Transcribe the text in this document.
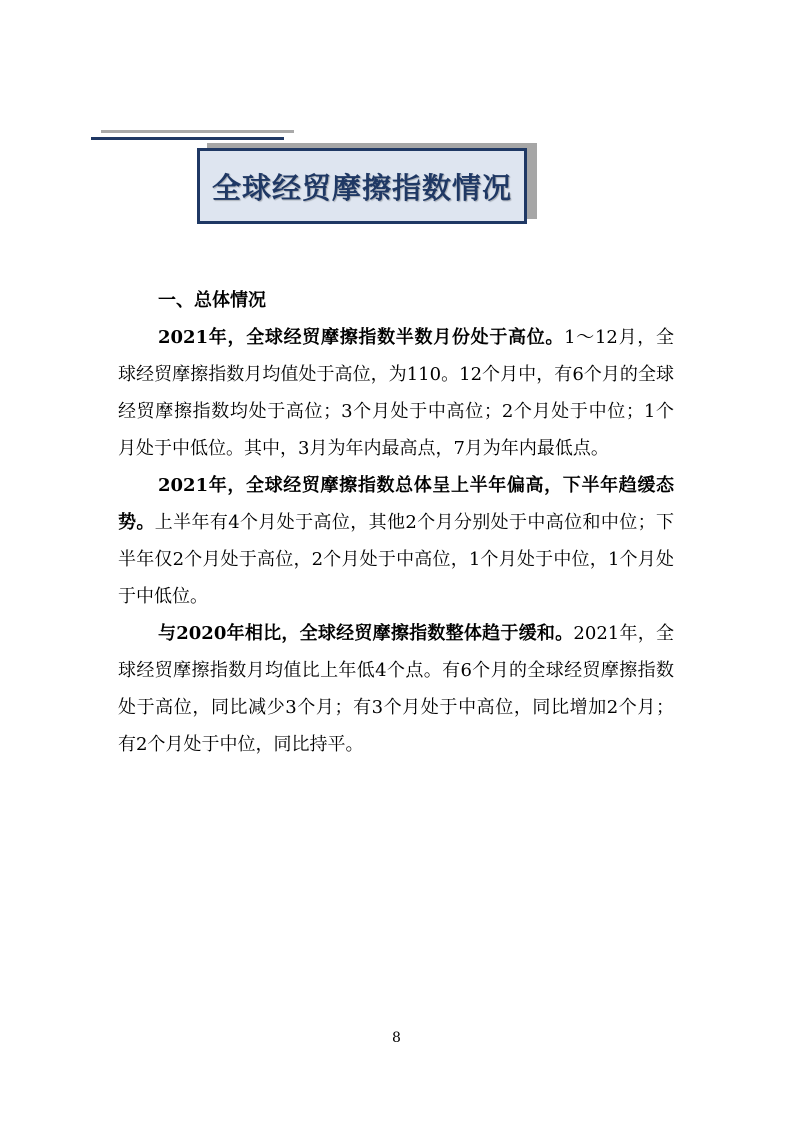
全球经贸摩擦指数情况

一、总体情况

2021年，全球经贸摩擦指数半数月份处于高位。1～12月，全球经贸摩擦指数月均值处于高位，为110。12个月中，有6个月的全球经贸摩擦指数均处于高位；3个月处于中高位；2个月处于中位；1个月处于中低位。其中，3月为年内最高点，7月为年内最低点。

2021年，全球经贸摩擦指数总体呈上半年偏高，下半年趋缓态势。上半年有4个月处于高位，其他2个月分别处于中高位和中位；下半年仅2个月处于高位，2个月处于中高位，1个月处于中位，1个月处于中低位。

与2020年相比，全球经贸摩擦指数整体趋于缓和。2021年，全球经贸摩擦指数月均值比上年低4个点。有6个月的全球经贸摩擦指数处于高位，同比减少3个月；有3个月处于中高位，同比增加2个月；有2个月处于中位，同比持平。

8
